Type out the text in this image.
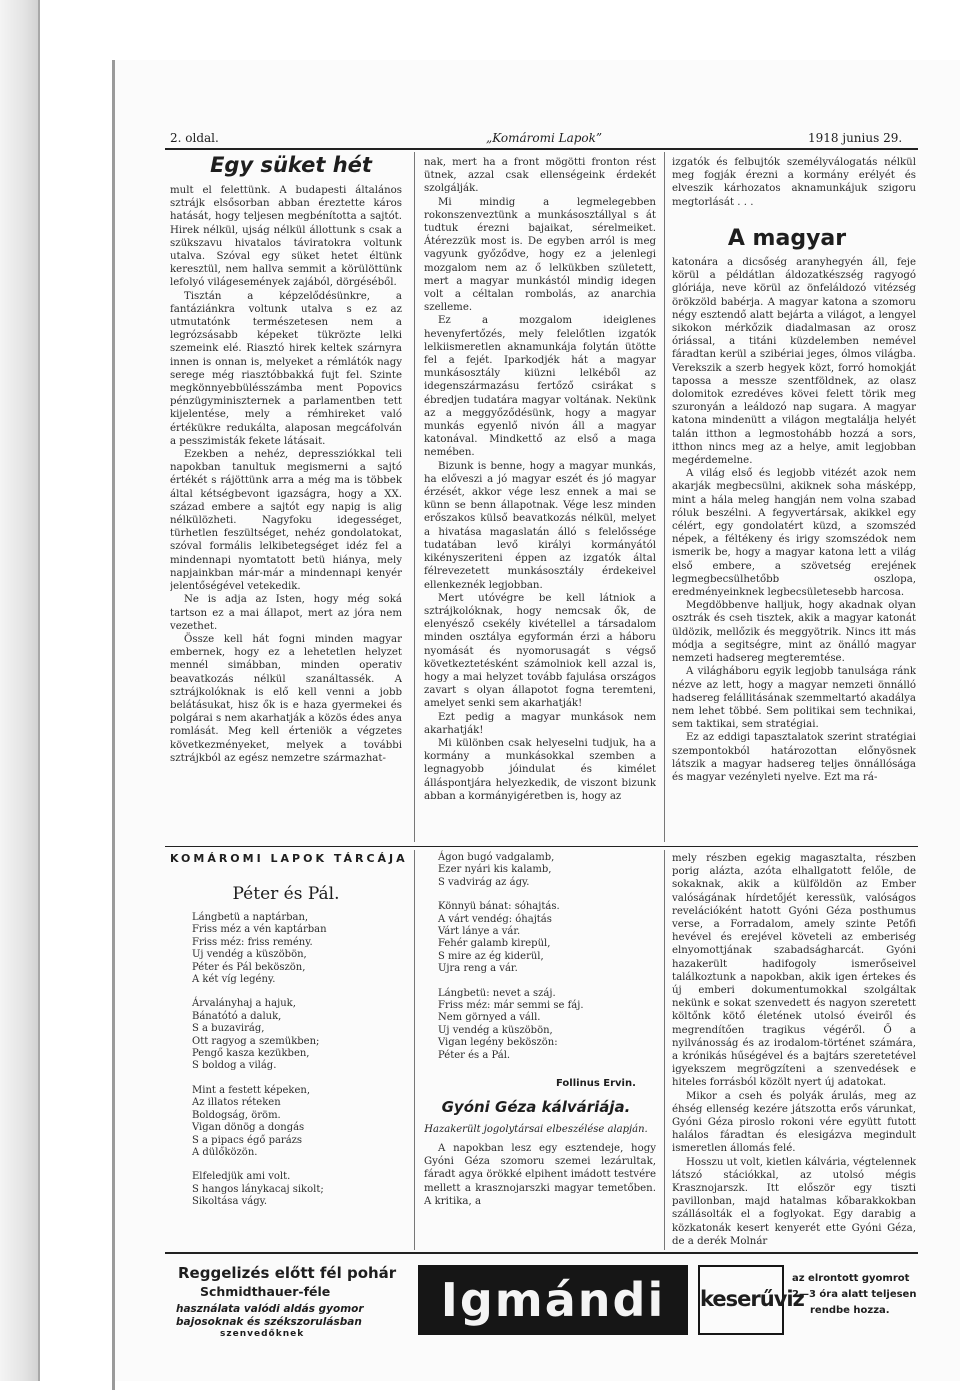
2. oldal.	„Komáromi Lapok”	1918 junius 29.
Egy süket hét

mult el felettünk. A budapesti általános sztrájk elsősorban abban éreztette káros hatását, hogy teljesen megbénította a sajtót. Hirek nélkül, ujság nélkül állottunk s csak a szükszavu hivatalos táviratokra voltunk utalva. Szóval egy süket hetet éltünk keresztül, nem hallva semmit a körülöttünk lefolyó világesemények zajából, dörgéséből.

Tisztán a képzelődésünkre, a fantáziánkra voltunk utalva s ez az utmutatónk természetesen nem a legrózsásabb képeket tükrözte lelki szemeink elé. Riasztó hirek keltek szárnyra innen is onnan is, melyeket a rémlátók nagy serege még riasztóbbakká fujt fel. Szinte megkönnyebbülésszámba ment Popovics pénzügyminiszternek a parlamentben tett kijelentése, mely a rémhireket való értékükre redukálta, alaposan megcáfolván a pesszimisták fekete látásait.

Ezekben a nehéz, depressziókkal teli napokban tanultuk megismerni a sajtó értékét s rájöttünk arra a még ma is többek által kétségbevont igazságra, hogy a XX. század embere a sajtót egy napig is alig nélkülözheti. Nagyfoku idegességet, türhetlen feszültséget, nehéz gondolatokat, szóval formális lelkibetegséget idéz fel a mindennapi nyomtatott betü hiánya, mely napjainkban már-már a mindennapi kenyér jelentőségével vetekedik.

Ne is adja az Isten, hogy még soká tartson ez a mai állapot, mert az jóra nem vezethet.

Össze kell hát fogni minden magyar embernek, hogy ez a lehetetlen helyzet mennél simábban, minden operativ beavatkozás nélkül szanáltassék. A sztrájkolóknak is elő kell venni a jobb belátásukat, hisz ők is e haza gyermekei és polgárai s nem akarhatják a közös édes anya romlását. Meg kell érteniök a végzetes következményeket, melyek a további sztrájkból az egész nemzetre származhat-

nak, mert ha a front mögötti fronton rést ütnek, azzal csak ellenségeink érdekét szolgálják.

Mi mindig a legmelegebben rokonszenveztünk a munkásosztállyal s át tudtuk érezni bajaikat, sérelmeiket. Átérezzük most is. De egyben arról is meg vagyunk győződve, hogy ez a jelenlegi mozgalom nem az ő lelkükben született, mert a magyar munkástól mindig idegen volt a céltalan rombolás, az anarchia szelleme.

Ez a mozgalom ideiglenes hevenyfertőzés, mely felelőtlen izgatók lelkiismeretlen aknamunkája folytán ütötte fel a fejét. Iparkodjék hát a magyar munkásosztály kiüzni lelkéből az idegenszármazásu fertőző csirákat s ébredjen tudatára magyar voltának. Nekünk az a meggyőződésünk, hogy a magyar munkás egyenlő nivón áll a magyar katonával. Mindkettő az első a maga nemében.

Bizunk is benne, hogy a magyar munkás, ha előveszi a jó magyar eszét és jó magyar érzését, akkor vége lesz ennek a mai se künn se benn állapotnak. Vége lesz minden erőszakos külső beavatkozás nélkül, melyet a hivatása magaslatán álló s felelőssége tudatában levő királyi kormányától kikényszeriteni éppen az izgatók által félrevezetett munkásosztály érdekeivel ellenkeznék legjobban.

Mert utóvégre be kell látniok a sztrájkolóknak, hogy nemcsak ők, de elenyésző csekély kivétellel a társadalom minden osztálya egyformán érzi a háboru nyomását és nyomorusagát s végső következtetésként számolniok kell azzal is, hogy a mai helyzet tovább fajulása országos zavart s olyan állapotot fogna teremteni, amelyet senki sem akarhatják!

Ezt pedig a magyar munkások nem akarhatják!

Mi különben csak helyeselni tudjuk, ha a kormány a munkásokkal szemben a legnagyobb jóindulat és kimélet álláspontjára helyezkedik, de viszont bizunk abban a kormányigéretben is, hogy az

izgatók és felbujtók személyválogatás nélkül meg fogják érezni a kormány erélyét és elveszik kárhozatos aknamunkájuk szigoru megtorlását . . .

A magyar

katonára a dicsőség aranyhegyén áll, feje körül a példátlan áldozatkészség ragyogó glóriája, neve körül az önfeláldozó vitézség örökzöld babérja. A magyar katona a szomoru négy esztendő alatt bejárta a világot, a lengyel sikokon mérkőzik diadalmasan az orosz óriással, a titáni küzdelemben nemével fáradtan kerül a szibériai jeges, ólmos világba. Verekszik a szerb hegyek közt, forró homokját tapossa a messze szentföldnek, az olasz dolomitok ezredéves kövei felett törik meg szuronyán a leáldozó nap sugara. A magyar katona mindenütt a világon megtalálja helyét talán itthon a legmostohább hozzá a sors, itthon nincs meg az a helye, amit legjobban megérdemelne.

A világ első és legjobb vitézét azok nem akarják megbecsülni, akiknek soha másképp, mint a hála meleg hangján nem volna szabad róluk beszélni. A fegyvertársak, akikkel egy célért, egy gondolatért küzd, a szomszéd népek, a féltékeny és irigy szomszédok nem ismerik be, hogy a magyar katona lett a világ első embere, a szövetség erejének legmegbecsülhetőbb oszlopa, eredményeinknek legbecsületesebb harcosa.

Megdöbbenve halljuk, hogy akadnak olyan osztrák és cseh tisztek, akik a magyar katonát üldözik, mellőzik és meggyötrik. Nincs itt más módja a segitségre, mint az önálló magyar nemzeti hadsereg megteremtése.

A világháboru egyik legjobb tanulsága ránk nézve az lett, hogy a magyar nemzeti önnálló hadsereg felállitásának szemmeltartó akadálya nem lehet többé. Sem politikai sem technikai, sem taktikai, sem stratégiai.

Ez az eddigi tapasztalatok szerint stratégiai szempontokból határozottan előnyösnek látszik a magyar hadsereg teljes önnállósága és magyar vezényleti nyelve. Ezt ma rá-

KOMÁROMI LAPOK TÁRCÁJA
Péter és Pál.
Lángbetü a naptárban,
Friss méz a vén kaptárban
Friss méz: friss remény.
Uj vendég a küszöbön,
Péter és Pál beköszön,
A két víg legény.
Árvalányhaj a hajuk,
Bánatótó a daluk,
S a buzavirág,
Ott ragyog a szemükben;
Pengő kasza kezükben,
S boldog a világ.
Mint a festett képeken,
Az illatos réteken
Boldogság, öröm.
Vigan dönög a dongás
S a pipacs égő parázs
A dülőközön.
Elfeledjük ami volt.
S hangos lánykacaj sikolt;
Sikoltása vágy.
Ágon bugó vadgalamb,
Ezer nyári kis kalamb,
S vadvirág az ágy.
Könnyü bánat: sóhajtás.
A várt vendég: óhajtás
Várt lánye a vár.
Fehér galamb kirepül,
S mire az ég kiderül,
Ujra reng a vár.
Lángbetü: nevet a száj.
Friss méz: már semmi se fáj.
Nem görnyed a váll.
Uj vendég a küszöbön,
Vigan legény beköszön:
Péter és a Pál.
Follinus Ervin.
Gyóni Géza kálváriája.
Hazakerült jogolytársai elbeszélése alapján.

A napokban lesz egy esztendeje, hogy Gyóni Géza szomoru szemei lezárultak, fáradt agya örökké elpihent imádott testvére mellett a krasznojarszki magyar temetőben. A kritika, a

mely részben egekig magasztalta, részben porig alázta, azóta elhallgatott felőle, de sokaknak, akik a külföldön az Ember valóságának hírdetőjét keressük, valóságos revelációként hatott Gyóni Géza posthumus verse, a Forradalom, amely szinte Petőfi hevével és erejével követeli az emberiség elnyomottjának szabadságharcát. Gyóni hazakerült hadifogoly ismerőseivel találkoztunk a napokban, akik igen értekes és új emberi dokumentumokkal szolgáltak nekünk e sokat szenvedett és nagyon szeretett költőnk kötő életének utolsó éveiről és megrendítően tragikus végéről. Ő a nyilvánosság és az irodalom-történet számára, a krónikás hűségével és a bajtárs szeretetével igyekszem megrögzíteni a szenvedések e hiteles forrásból közölt nyert új adatokat.

Mikor a cseh és polyák árulás, meg az éhség ellenség kezére játszotta erős várunkat, Gyóni Géza piroslo rokoni vére együtt futott halálos fáradtan és elesigázva megindult ismeretlen állomás felé.

Hosszu ut volt, kietlen kálvária, végtelennek látszó stációkkal, az utolsó mégis Krasznojarszk. Itt először egy tiszti pavillonban, majd hatalmas kőbarakkokban szállásolták el a foglyokat. Egy darabig a közkatonák kesert kenyerét ette Gyóni Géza, de a derék Molnár

Reggelizés előtt fél pohár
Schmidthauer-féle
használata valódi aldás gyomor
bajosoknak és székszorulásban
szenvedőknek
Igmándi	keserűviz
az elrontott gyomrot
2—3 óra alatt teljesen
rendbe hozza.
